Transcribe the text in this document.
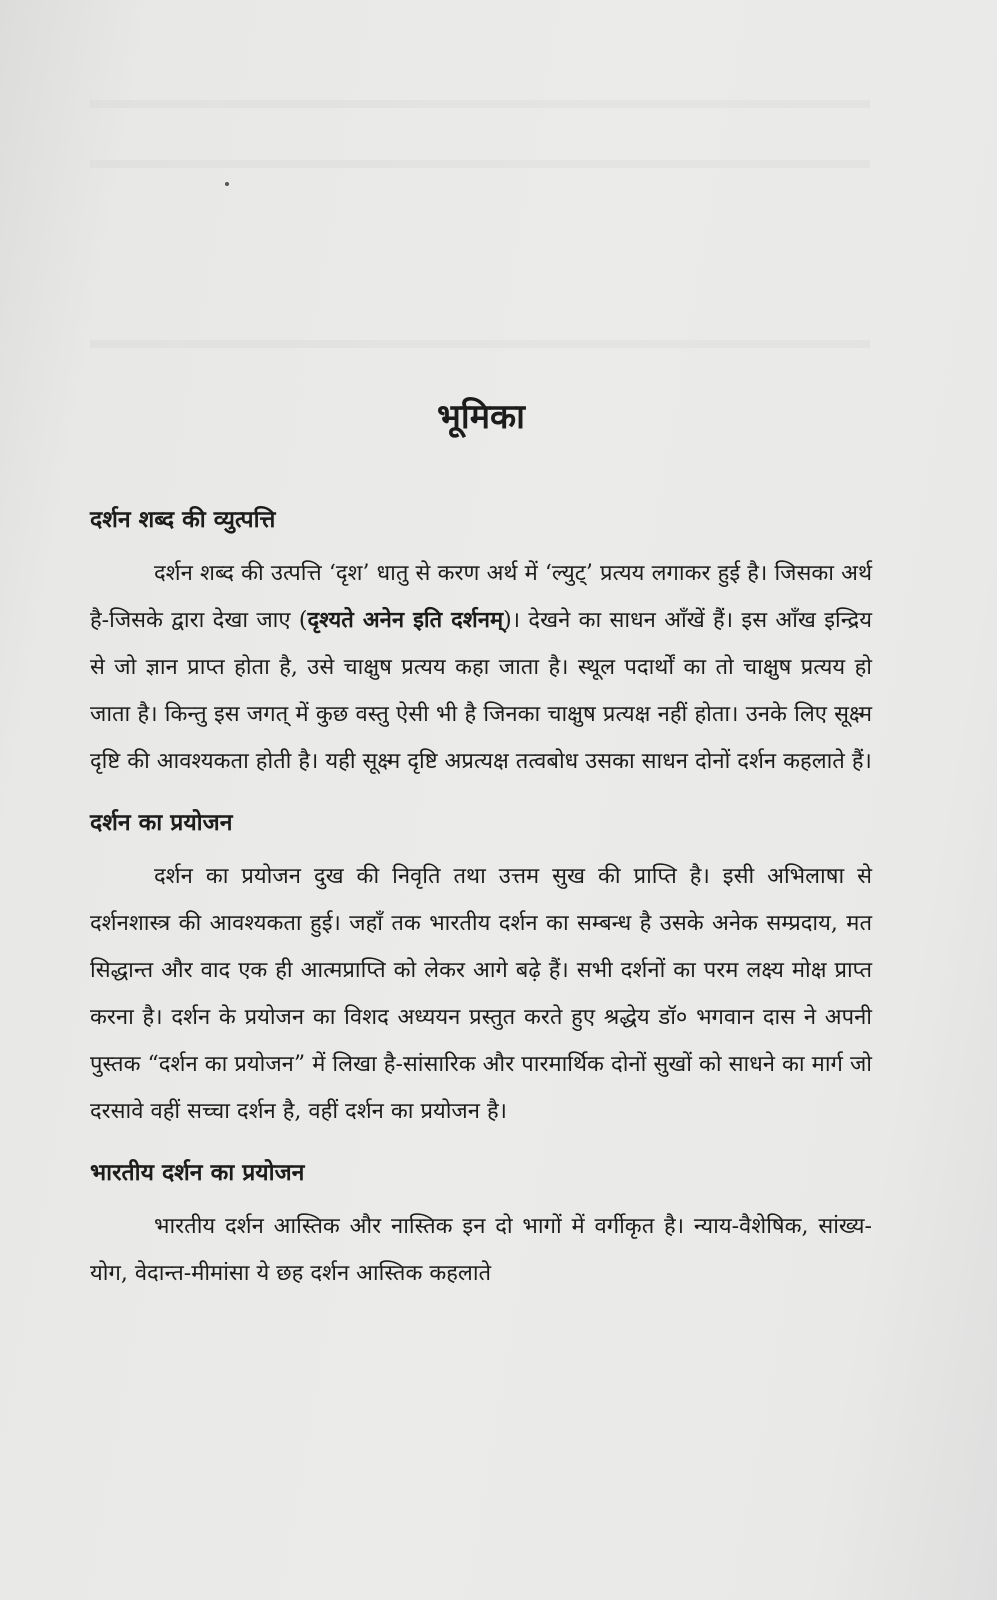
भूमिका
दर्शन शब्द की व्युत्पत्ति

दर्शन शब्द की उत्पत्ति ‘दृश’ धातु से करण अर्थ में ‘ल्युट्’ प्रत्यय लगाकर हुई है। जिसका अर्थ है-जिसके द्वारा देखा जाए (दृश्यते अनेन इति दर्शनम्)। देखने का साधन आँखें हैं। इस आँख इन्द्रिय से जो ज्ञान प्राप्त होता है, उसे चाक्षुष प्रत्यय कहा जाता है। स्थूल पदार्थों का तो चाक्षुष प्रत्यय हो जाता है। किन्तु इस जगत् में कुछ वस्तु ऐसी भी है जिनका चाक्षुष प्रत्यक्ष नहीं होता। उनके लिए सूक्ष्म दृष्टि की आवश्यकता होती है। यही सूक्ष्म दृष्टि अप्रत्यक्ष तत्वबोध उसका साधन दोनों दर्शन कहलाते हैं।

दर्शन का प्रयोजन

दर्शन का प्रयोजन दुख की निवृति तथा उत्तम सुख की प्राप्ति है। इसी अभिलाषा से दर्शनशास्त्र की आवश्यकता हुई। जहाँ तक भारतीय दर्शन का सम्बन्ध है उसके अनेक सम्प्रदाय, मत सिद्धान्त और वाद एक ही आत्मप्राप्ति को लेकर आगे बढ़े हैं। सभी दर्शनों का परम लक्ष्य मोक्ष प्राप्त करना है। दर्शन के प्रयोजन का विशद अध्ययन प्रस्तुत करते हुए श्रद्धेय डॉ० भगवान दास ने अपनी पुस्तक “दर्शन का प्रयोजन” में लिखा है-सांसारिक और पारमार्थिक दोनों सुखों को साधने का मार्ग जो दरसावे वहीं सच्चा दर्शन है, वहीं दर्शन का प्रयोजन है।

भारतीय दर्शन का प्रयोजन

भारतीय दर्शन आस्तिक और नास्तिक इन दो भागों में वर्गीकृत है। न्याय-वैशेषिक, सांख्य-योग, वेदान्त-मीमांसा ये छह दर्शन आस्तिक कहलाते
